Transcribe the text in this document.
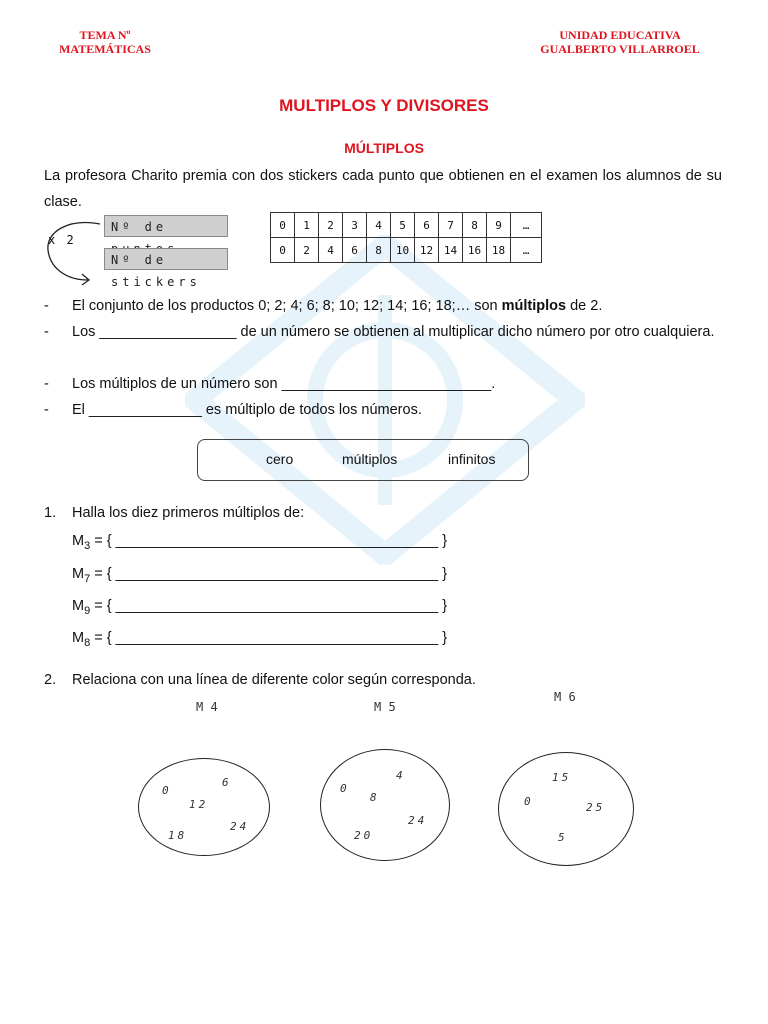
TEMA Nº
MATEMÁTICAS
UNIDAD EDUCATIVA
GUALBERTO VILLARROEL
MULTIPLOS Y DIVISORES
MÚLTIPLOS
La profesora Charito premia con dos stickers cada punto que obtienen en el examen los alumnos de su clase.
x 2
Nº de
Nº de stickers
0	1	2	3	4	5	6	7	8	9	…
0	2	4	6	8	10	12	14	16	18	…
- El conjunto de los productos 0; 2; 4; 6; 8; 10; 12; 14; 16; 18;… son múltiplos de 2.
- Los _________________ de un número se obtienen al multiplicar dicho número por otro cualquiera.
- Los múltiplos de un número son __________________________.
- El ______________ es múltiplo de todos los números.
cero	múltiplos	infinitos
1. Halla los diez primeros múltiplos de:
$M_3$ = { ________________________________________ }
$M_7$ = { ________________________________________ }
$M_9$ = { ________________________________________ }
$M_8$ = { ________________________________________ }
2. Relaciona con una línea de diferente color según corresponda.
M 4	M 5
M 6
0
6
12
18
24
4
0
8
24
20
15
0	25
5
